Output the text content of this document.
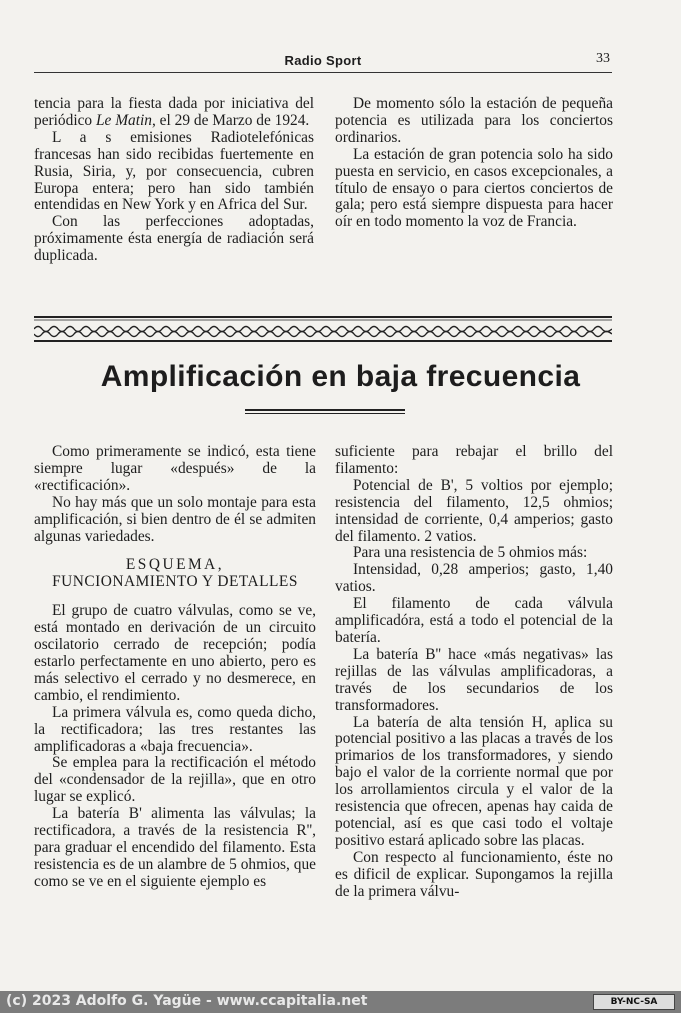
Radio Sport	33

tencia para la fiesta dada por iniciativa del periódico Le Matin, el 29 de Marzo de 1924.

L a s emisiones Radiotelefónicas francesas han sido recibidas fuertemente en Rusia, Siria, y, por consecuencia, cubren Europa entera; pero han sido también entendidas en New York y en Africa del Sur.

Con las perfecciones adoptadas, próximamente ésta energía de radiación será duplicada.

De momento sólo la estación de pequeña potencia es utilizada para los conciertos ordinarios.

La estación de gran potencia solo ha sido puesta en servicio, en casos excepcionales, a título de ensayo o para ciertos conciertos de gala; pero está siempre dispuesta para hacer oír en todo momento la voz de Francia.

Amplificación en baja frecuencia

Como primeramente se indicó, esta tiene siempre lugar «después» de la «rectificación».

No hay más que un solo montaje para esta amplificación, si bien dentro de él se admiten algunas variedades.

ESQUEMA,

FUNCIONAMIENTO Y DETALLES

El grupo de cuatro válvulas, como se ve, está montado en derivación de un circuito oscilatorio cerrado de recepción; podía estarlo perfectamente en uno abierto, pero es más selectivo el cerrado y no desmerece, en cambio, el rendimiento.

La primera válvula es, como queda dicho, la rectificadora; las tres restantes las amplificadoras a «baja frecuencia».

Se emplea para la rectificación el método del «condensador de la rejilla», que en otro lugar se explicó.

La batería B' alimenta las válvulas; la rectificadora, a través de la resistencia R'', para graduar el encendido del filamento. Esta resistencia es de un alambre de 5 ohmios, que como se ve en el siguiente ejemplo es

suficiente para rebajar el brillo del filamento:

Potencial de B', 5 voltios por ejemplo; resistencia del filamento, 12,5 ohmios; intensidad de corriente, 0,4 amperios; gasto del filamento. 2 vatios.

Para una resistencia de 5 ohmios más:

Intensidad, 0,28 amperios; gasto, 1,40 vatios.

El filamento de cada válvula amplificadóra, está a todo el potencial de la batería.

La batería B'' hace «más negativas» las rejillas de las válvulas amplificadoras, a través de los secundarios de los transformadores.

La batería de alta tensión H, aplica su potencial positivo a las placas a través de los primarios de los transformadores, y siendo bajo el valor de la corriente normal que por los arrollamientos circula y el valor de la resistencia que ofrecen, apenas hay caida de potencial, así es que casi todo el voltaje positivo estará aplicado sobre las placas.

Con respecto al funcionamiento, éste no es dificil de explicar. Supongamos la rejilla de la primera válvu-

(c) 2023 Adolfo G. Yagüe - www.ccapitalia.net	BY-NC-SA
